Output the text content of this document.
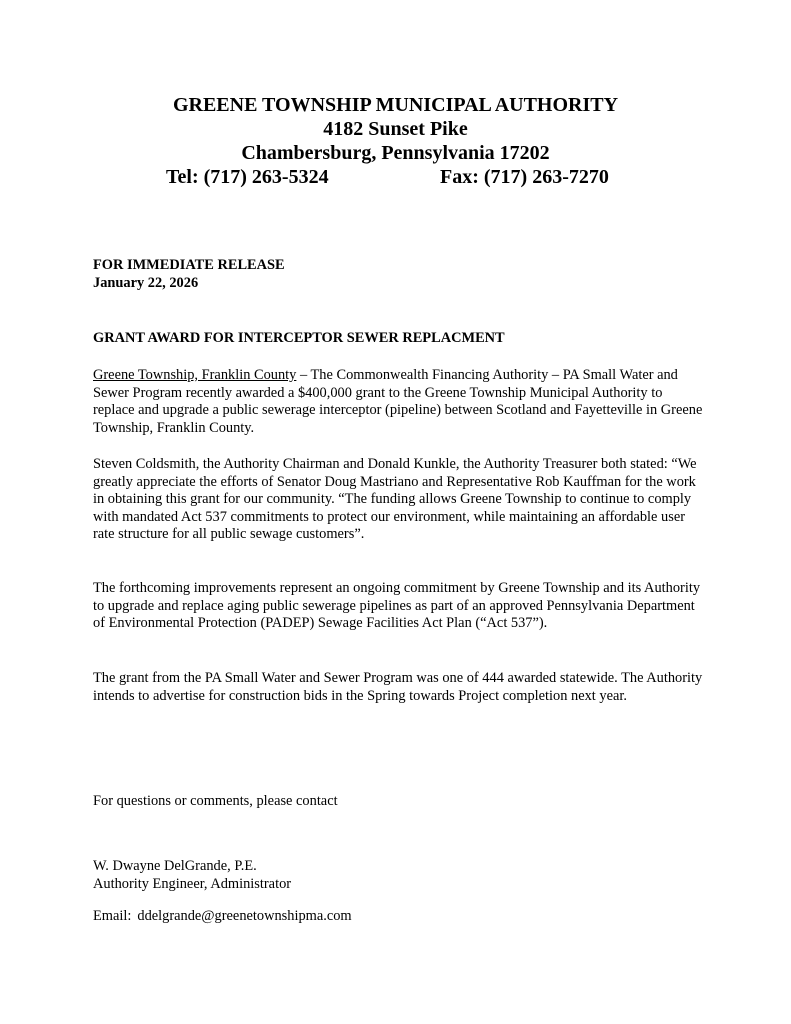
GREENE TOWNSHIP MUNICIPAL AUTHORITY
4182 Sunset Pike
Chambersburg, Pennsylvania 17202
Tel: (717) 263-5324	Fax: (717) 263-7270
FOR IMMEDIATE RELEASE
January 22, 2026
GRANT AWARD FOR INTERCEPTOR SEWER REPLACMENT
Greene Township, Franklin County – The Commonwealth Financing Authority – PA Small Water and Sewer Program recently awarded a $400,000 grant to the Greene Township Municipal Authority to replace and upgrade a public sewerage interceptor (pipeline) between Scotland and Fayetteville in Greene Township, Franklin County.
Steven Coldsmith, the Authority Chairman and Donald Kunkle, the Authority Treasurer both stated: “We greatly appreciate the efforts of Senator Doug Mastriano and Representative Rob Kauffman for the work in obtaining this grant for our community. “The funding allows Greene Township to continue to comply with mandated Act 537 commitments to protect our environment, while maintaining an affordable user rate structure for all public sewage customers”.
The forthcoming improvements represent an ongoing commitment by Greene Township and its Authority to upgrade and replace aging public sewerage pipelines as part of an approved Pennsylvania Department of Environmental Protection (PADEP) Sewage Facilities Act Plan (“Act 537”).
The grant from the PA Small Water and Sewer Program was one of 444 awarded statewide. The Authority intends to advertise for construction bids in the Spring towards Project completion next year.
For questions or comments, please contact
W. Dwayne DelGrande, P.E.
Authority Engineer, Administrator
Email: ddelgrande@greenetownshipma.com
